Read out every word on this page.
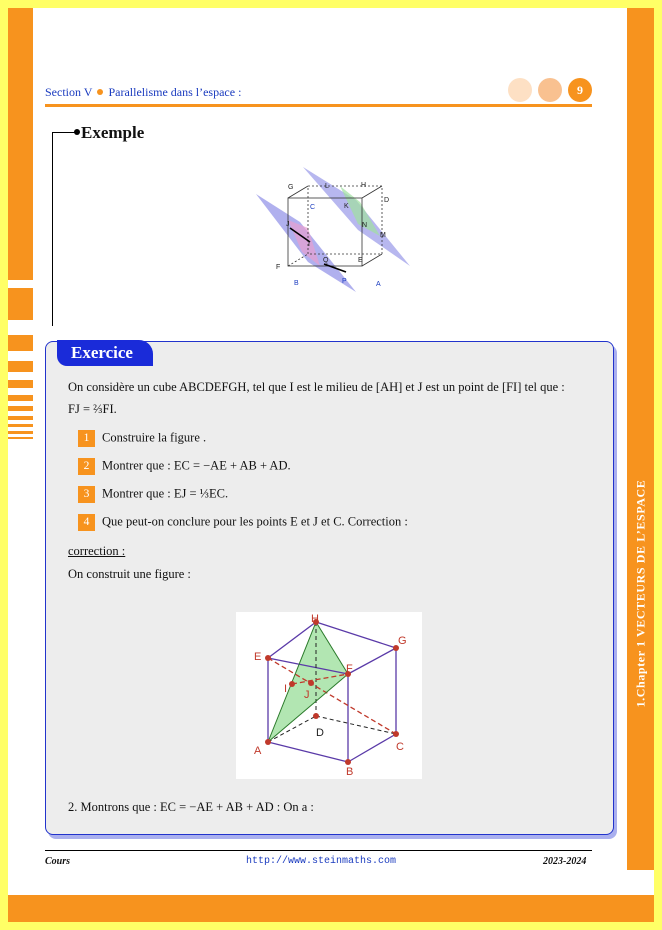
1.Chapter 1 VECTEURS DE L’ESPACE
Section V Parallelisme dans l’espace :	9
Exemple
G	L	H
D
C	K
N
M
J
I
F
Q	E
B	P	A
Exercice
On considère un cube ABCDEFGH, tel que I est le milieu de [AH] et J est un point de [FI] tel que :
FJ = ⅔FI.
1 Construire la figure .
2 Montrer que : EC = −AE + AB + AD.
3 Montrer que : EJ = ⅓EC.
4 Que peut-on conclure pour les points E et J et C. Correction :
correction :
On construit une figure :
H
G
E
F
I J
D
A	C
B
2. Montrons que : EC = −AE + AB + AD : On a :
Cours	http://www.steinmaths.com	2023-2024
